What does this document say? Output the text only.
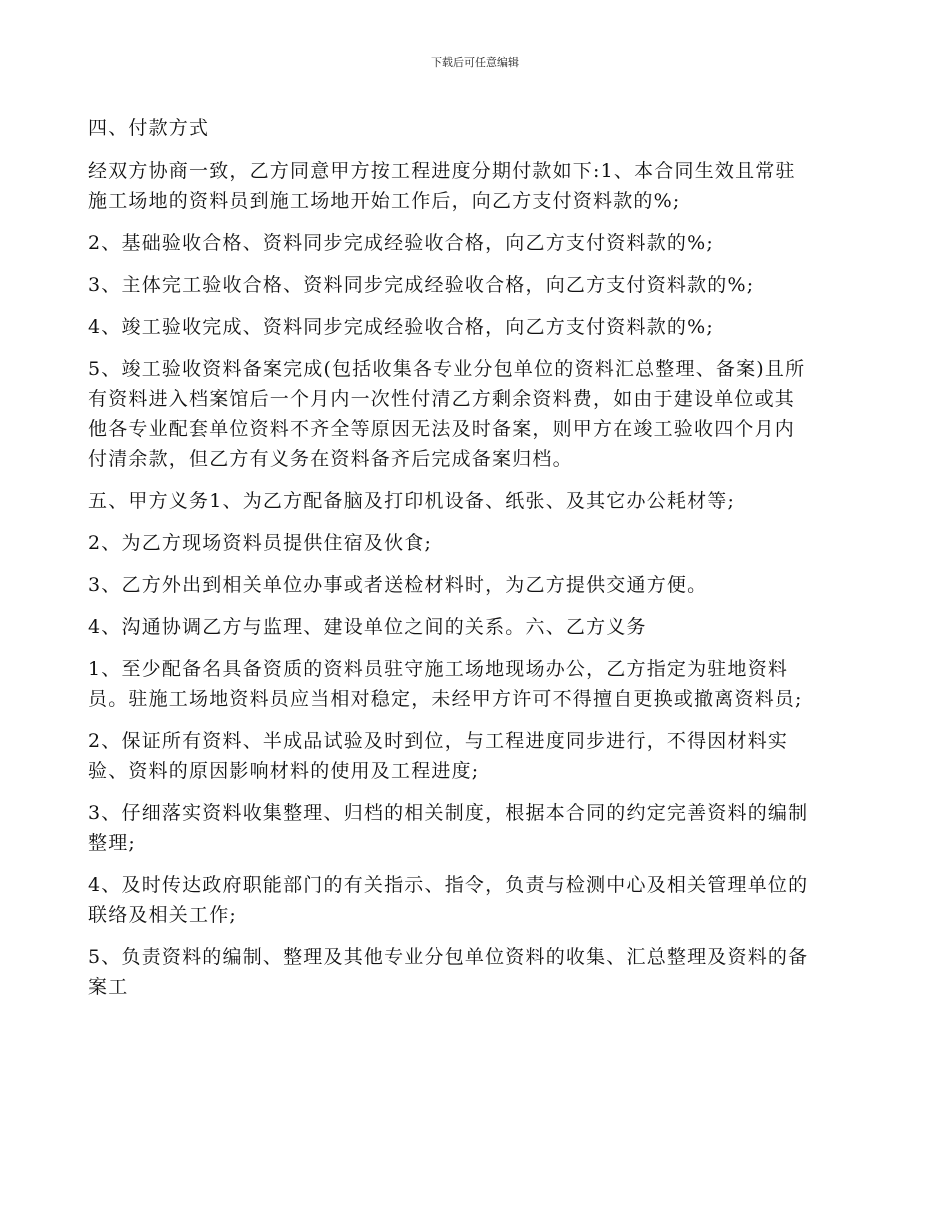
下载后可任意编辑

四、付款方式

经双方协商一致，乙方同意甲方按工程进度分期付款如下:1、本合同生效且常驻
施工场地的资料员到施工场地开始工作后，向乙方支付资料款的%;

2、基础验收合格、资料同步完成经验收合格，向乙方支付资料款的%;

3、主体完工验收合格、资料同步完成经验收合格，向乙方支付资料款的%;

4、竣工验收完成、资料同步完成经验收合格，向乙方支付资料款的%;

5、竣工验收资料备案完成(包括收集各专业分包单位的资料汇总整理、备案)且所
有资料进入档案馆后一个月内一次性付清乙方剩余资料费，如由于建设单位或其
他各专业配套单位资料不齐全等原因无法及时备案，则甲方在竣工验收四个月内
付清余款，但乙方有义务在资料备齐后完成备案归档。

五、甲方义务1、为乙方配备脑及打印机设备、纸张、及其它办公耗材等;

2、为乙方现场资料员提供住宿及伙食;

3、乙方外出到相关单位办事或者送检材料时，为乙方提供交通方便。

4、沟通协调乙方与监理、建设单位之间的关系。六、乙方义务

1、至少配备名具备资质的资料员驻守施工场地现场办公，乙方指定为驻地资料
员。驻施工场地资料员应当相对稳定，未经甲方许可不得擅自更换或撤离资料员;

2、保证所有资料、半成品试验及时到位，与工程进度同步进行，不得因材料实
验、资料的原因影响材料的使用及工程进度;

3、仔细落实资料收集整理、归档的相关制度，根据本合同的约定完善资料的编制
整理;

4、及时传达政府职能部门的有关指示、指令，负责与检测中心及相关管理单位的
联络及相关工作;

5、负责资料的编制、整理及其他专业分包单位资料的收集、汇总整理及资料的备
案工
